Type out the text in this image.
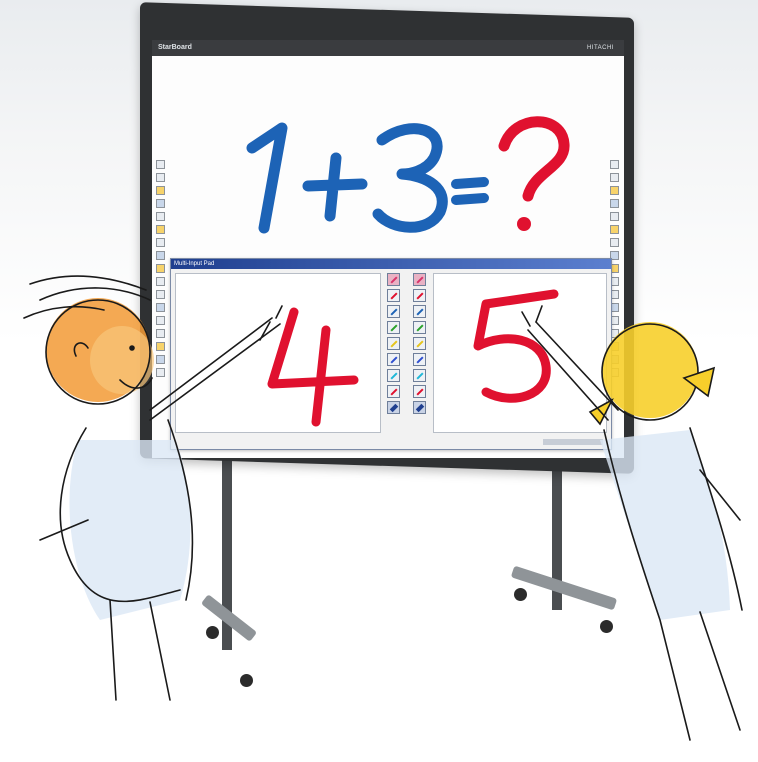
StarBoard	HITACHI
Multi-Input Pad
